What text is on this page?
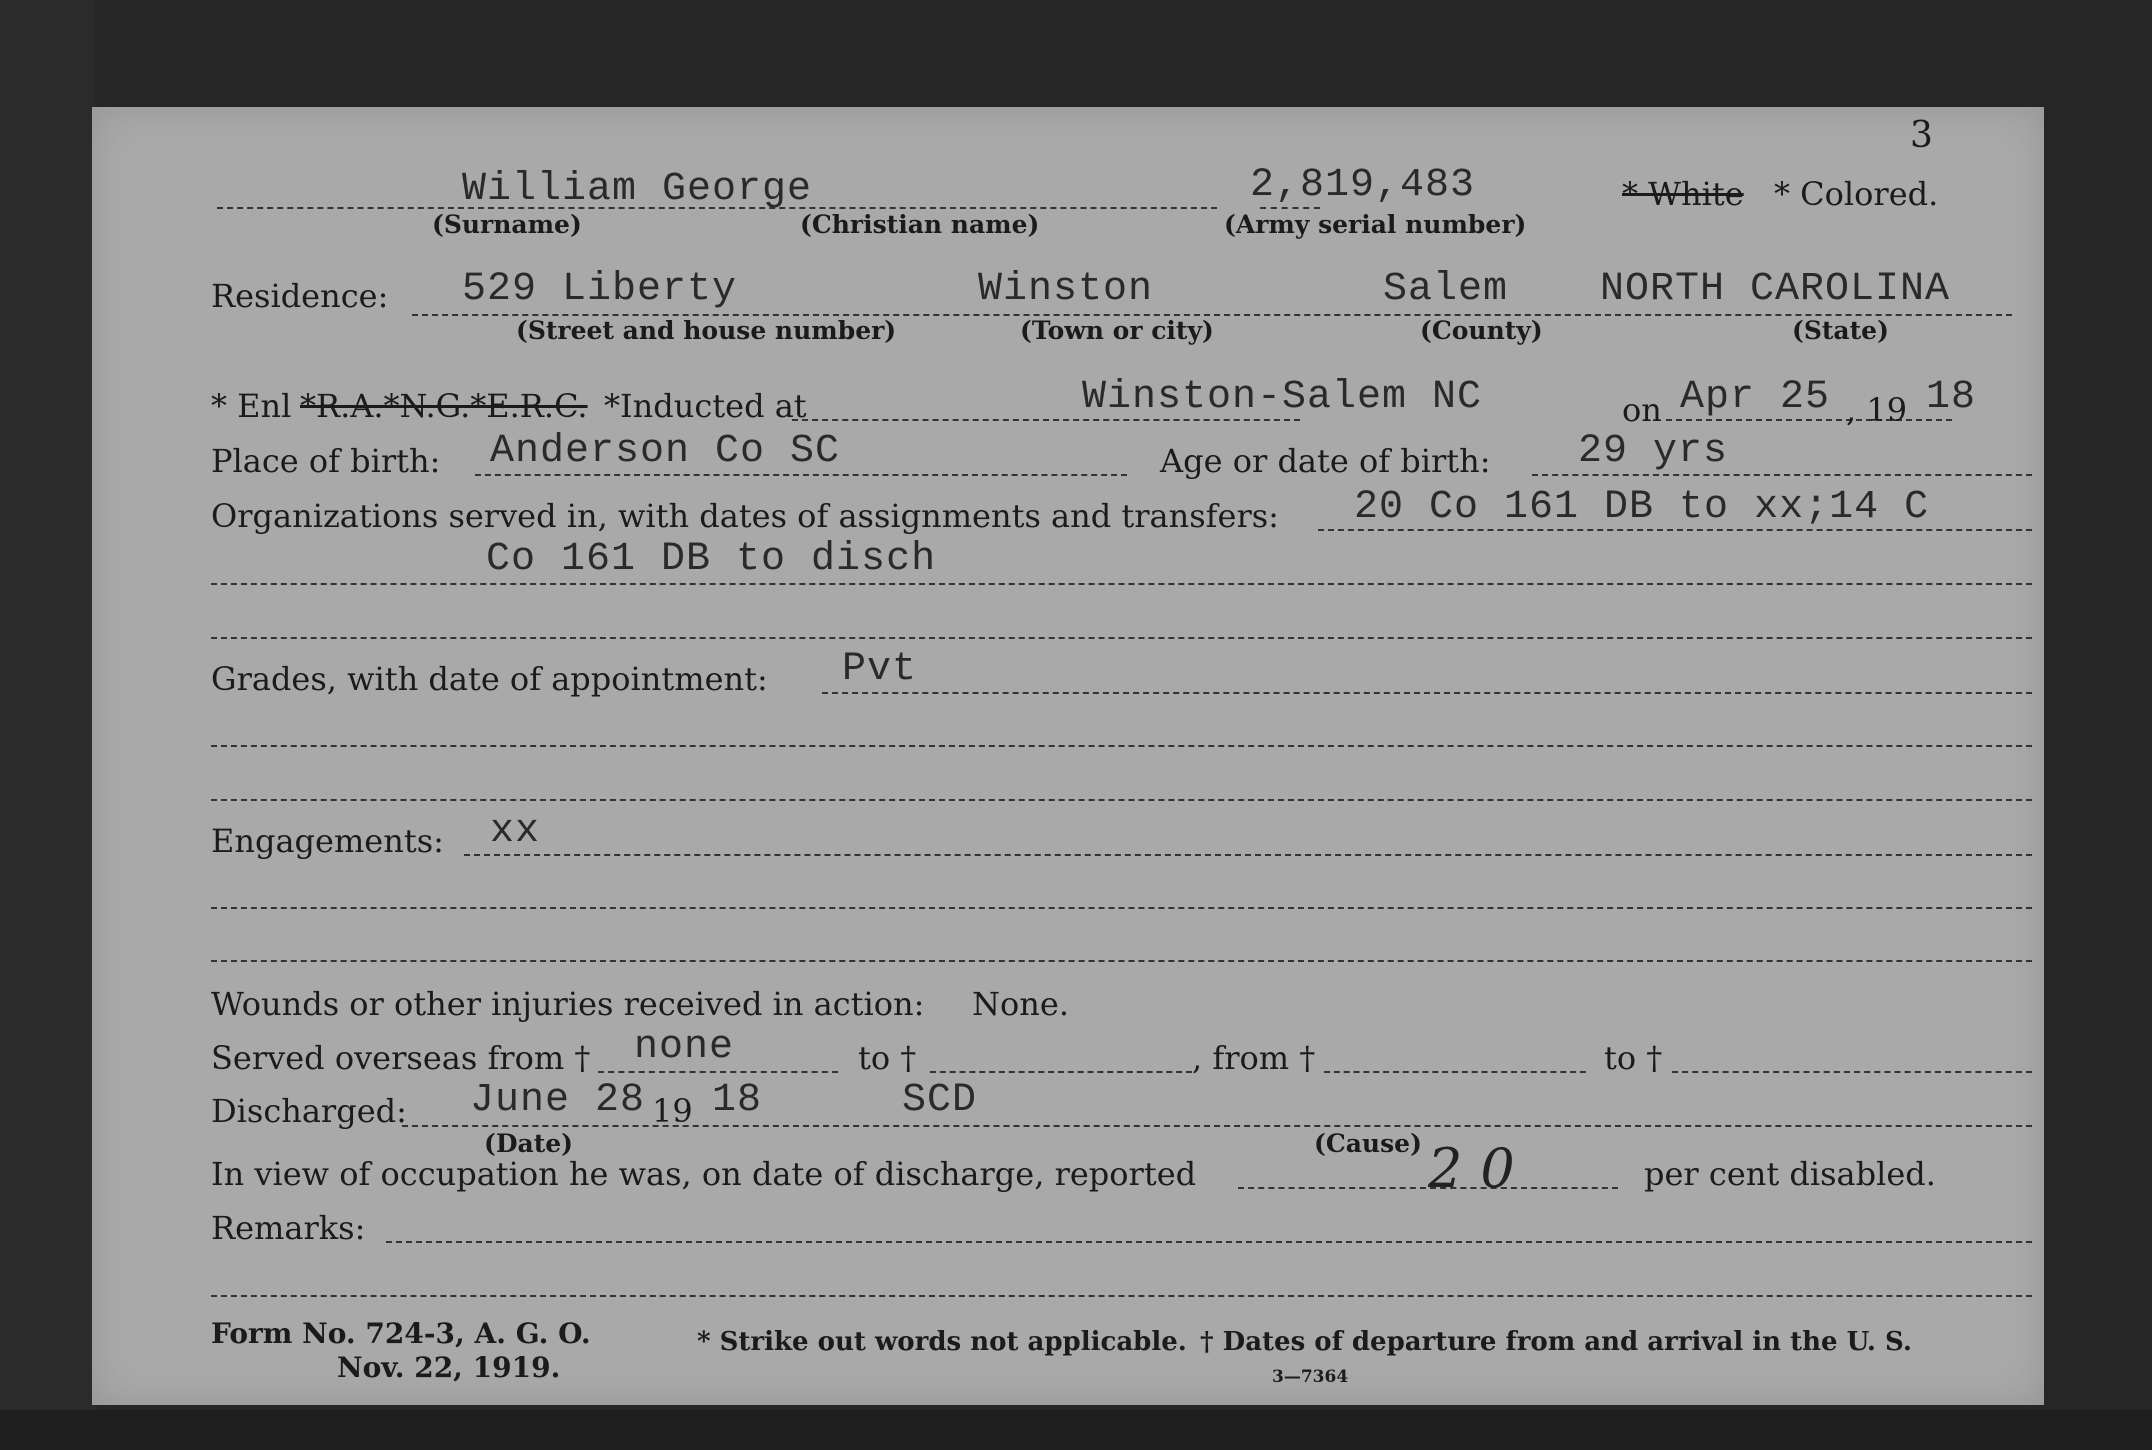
3
William George
(Surname)	(Christian name)
2,819,483
(Army serial number)
* White * Colored.
Residence: 529 Liberty
(Street and house number)
Winston
(Town or city)
Salem
(County)
NORTH CAROLINA
(State)
* Enl *R.A.*N.G.*E.R.C. *Inducted at	Winston-Salem NC	on Apr 25 , 19 18
Place of birth: Anderson Co SC	Age or date of birth: 29 yrs
Organizations served in, with dates of assignments and transfers: 20 Co 161 DB to xx;14 C
Co 161 DB to disch
Grades, with date of appointment: Pvt
Engagements: xx
Wounds or other injuries received in action: None.
Served overseas from † none	to †	, from †	to †
Discharged: June 28 19 18	SCD
(Date)	(Cause)
In view of occupation he was, on date of discharge, reported	20	per cent disabled.
Remarks:
Form No. 724-3, A. G. O.
Nov. 22, 1919.
* Strike out words not applicable. † Dates of departure from and arrival in the U. S.
3—7364
